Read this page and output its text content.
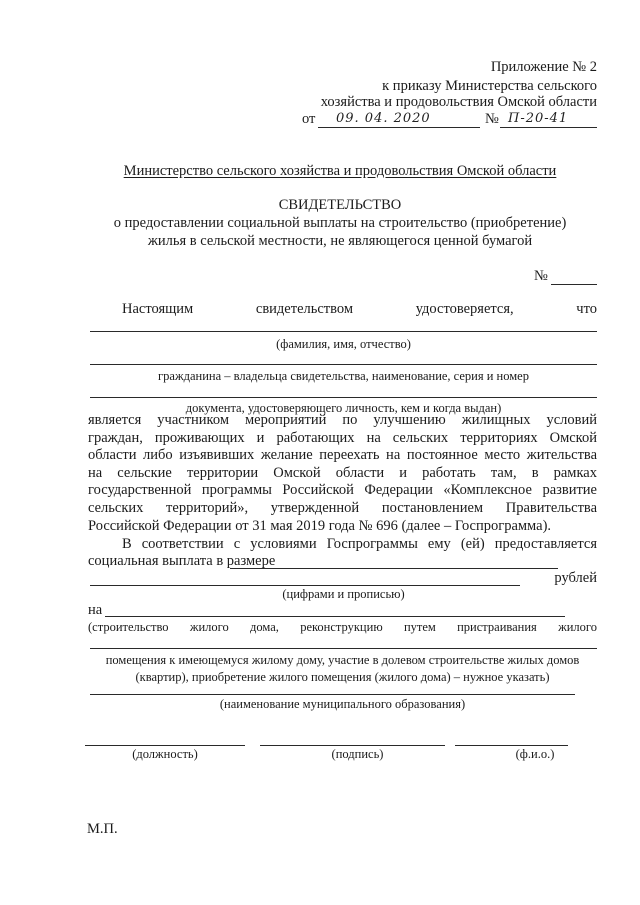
Приложение № 2
к приказу Министерства сельского
хозяйства и продовольствия Омской области
от 09. 04. 2020	№ П-20-41
Министерство сельского хозяйства и продовольствия Омской области
СВИДЕТЕЛЬСТВО
о предоставлении социальной выплаты на строительство (приобретение)
жилья в сельской местности, не являющегося ценной бумагой
№
Настоящим свидетельством удостоверяется, что
(фамилия, имя, отчество)
гражданина – владельца свидетельства, наименование, серия и номер
документа, удостоверяющего личность, кем и когда выдан)
является участником мероприятий по улучшению жилищных условий
граждан, проживающих и работающих на сельских территориях Омской
области либо изъявивших желание переехать на постоянное место жительства
на сельские территории Омской области и работать там, в рамках
государственной программы Российской Федерации «Комплексное развитие
сельских территорий», утвержденной постановлением Правительства
Российской Федерации от 31 мая 2019 года № 696 (далее – Госпрограмма).
В соответствии с условиями Госпрограммы ему (ей) предоставляется
социальная выплата в размере
рублей
(цифрами и прописью)
на
(строительство жилого дома, реконструкцию путем пристраивания жилого
помещения к имеющемуся жилому дому, участие в долевом строительстве жилых домов
(квартир), приобретение жилого помещения (жилого дома) – нужное указать)
(наименование муниципального образования)
(должность)	(подпись)	(ф.и.о.)
М.П.
